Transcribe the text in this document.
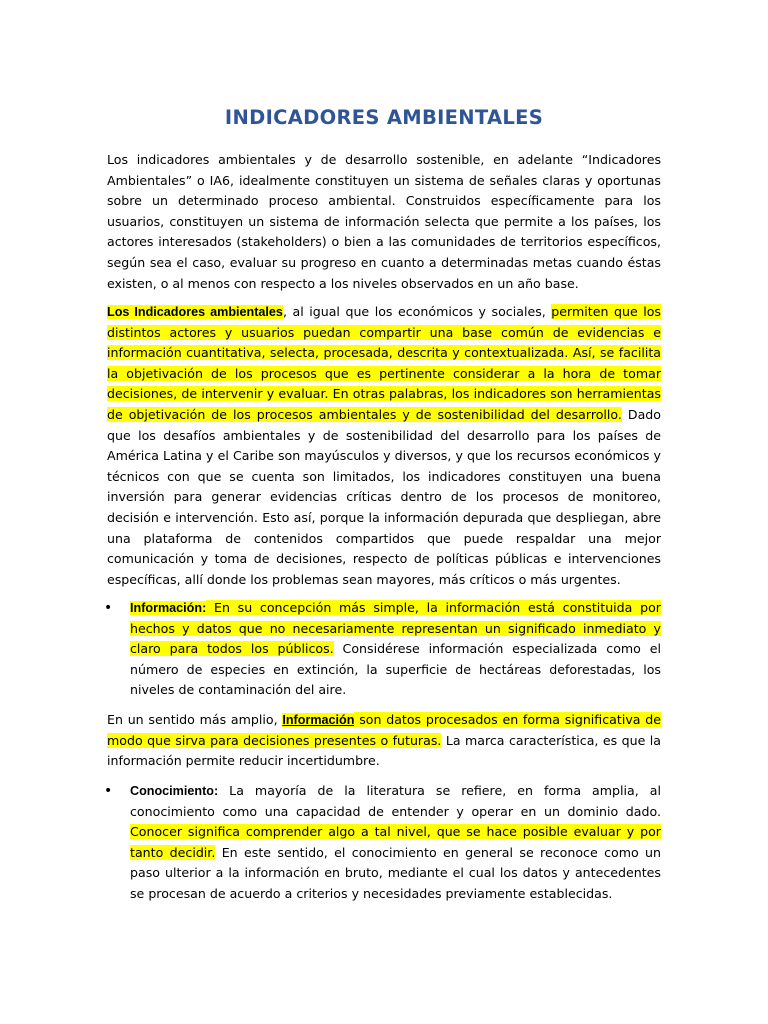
INDICADORES AMBIENTALES

Los indicadores ambientales y de desarrollo sostenible, en adelante “Indicadores Ambientales” o IA6, idealmente constituyen un sistema de señales claras y oportunas sobre un determinado proceso ambiental. Construidos específicamente para los usuarios, constituyen un sistema de información selecta que permite a los países, los actores interesados (stakeholders) o bien a las comunidades de territorios específicos, según sea el caso, evaluar su progreso en cuanto a determinadas metas cuando éstas existen, o al menos con respecto a los niveles observados en un año base.

Los Indicadores ambientales, al igual que los económicos y sociales, permiten que los distintos actores y usuarios puedan compartir una base común de evidencias e información cuantitativa, selecta, procesada, descrita y contextualizada. Así, se facilita la objetivación de los procesos que es pertinente considerar a la hora de tomar decisiones, de intervenir y evaluar. En otras palabras, los indicadores son herramientas de objetivación de los procesos ambientales y de sostenibilidad del desarrollo. Dado que los desafíos ambientales y de sostenibilidad del desarrollo para los países de América Latina y el Caribe son mayúsculos y diversos, y que los recursos económicos y técnicos con que se cuenta son limitados, los indicadores constituyen una buena inversión para generar evidencias críticas dentro de los procesos de monitoreo, decisión e intervención. Esto así, porque la información depurada que despliegan, abre una plataforma de contenidos compartidos que puede respaldar una mejor comunicación y toma de decisiones, respecto de políticas públicas e intervenciones específicas, allí donde los problemas sean mayores, más críticos o más urgentes.

• Información: En su concepción más simple, la información está constituida por hechos y datos que no necesariamente representan un significado inmediato y claro para todos los públicos. Considérese información especializada como el número de especies en extinción, la superficie de hectáreas deforestadas, los niveles de contaminación del aire.

En un sentido más amplio, Información son datos procesados en forma significativa de modo que sirva para decisiones presentes o futuras. La marca característica, es que la información permite reducir incertidumbre.

• Conocimiento: La mayoría de la literatura se refiere, en forma amplia, al conocimiento como una capacidad de entender y operar en un dominio dado. Conocer significa comprender algo a tal nivel, que se hace posible evaluar y por tanto decidir. En este sentido, el conocimiento en general se reconoce como un paso ulterior a la información en bruto, mediante el cual los datos y antecedentes se procesan de acuerdo a criterios y necesidades previamente establecidas.
